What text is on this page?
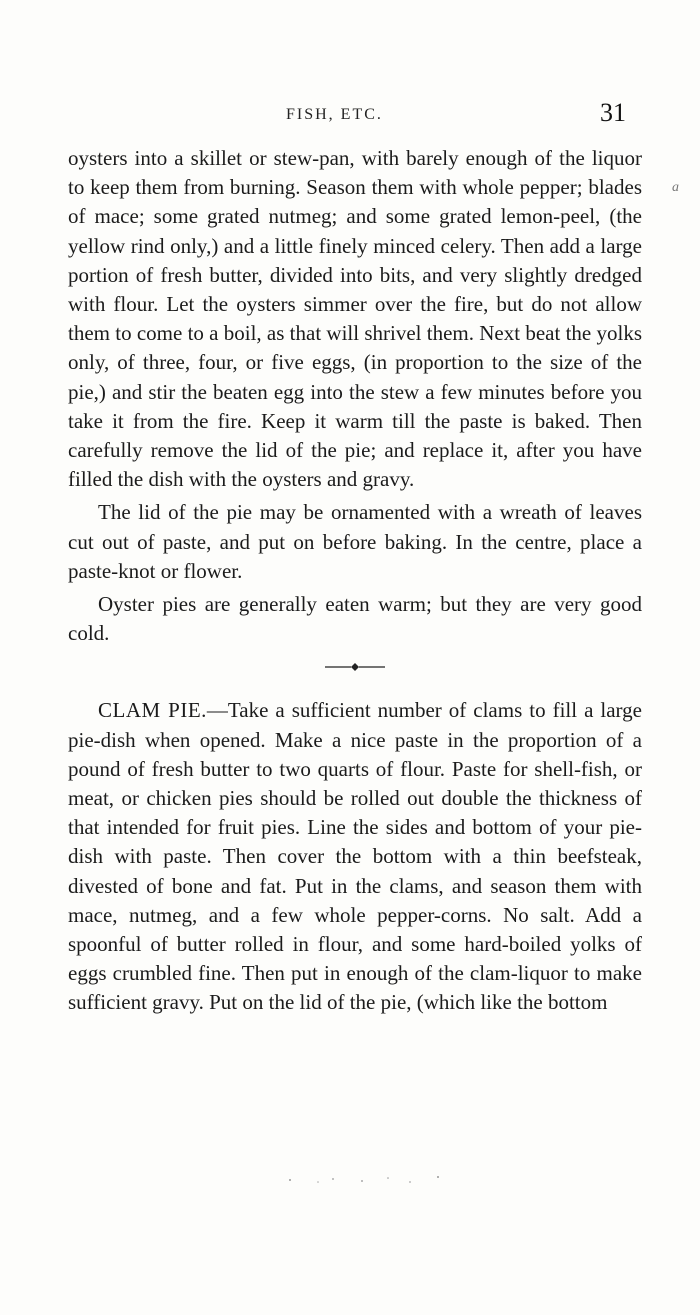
FISH, ETC.	31
a

oysters into a skillet or stew-pan, with barely enough of the liquor to keep them from burning. Season them with whole pepper; blades of mace; some grated nutmeg; and some grated lemon-peel, (the yellow rind only,) and a little finely minced celery. Then add a large portion of fresh butter, divided into bits, and very slightly dredged with flour. Let the oysters simmer over the fire, but do not allow them to come to a boil, as that will shrivel them. Next beat the yolks only, of three, four, or five eggs, (in proportion to the size of the pie,) and stir the beaten egg into the stew a few minutes before you take it from the fire. Keep it warm till the paste is baked. Then carefully remove the lid of the pie; and replace it, after you have filled the dish with the oysters and gravy.

The lid of the pie may be ornamented with a wreath of leaves cut out of paste, and put on before baking. In the centre, place a paste-knot or flower.

Oyster pies are generally eaten warm; but they are very good cold.

CLAM PIE.—Take a sufficient number of clams to fill a large pie-dish when opened. Make a nice paste in the proportion of a pound of fresh butter to two quarts of flour. Paste for shell-fish, or meat, or chicken pies should be rolled out double the thickness of that intended for fruit pies. Line the sides and bottom of your pie-dish with paste. Then cover the bottom with a thin beefsteak, divested of bone and fat. Put in the clams, and season them with mace, nutmeg, and a few whole pepper-corns. No salt. Add a spoonful of butter rolled in flour, and some hard-boiled yolks of eggs crumbled fine. Then put in enough of the clam-liquor to make sufficient gravy. Put on the lid of the pie, (which like the bottom
